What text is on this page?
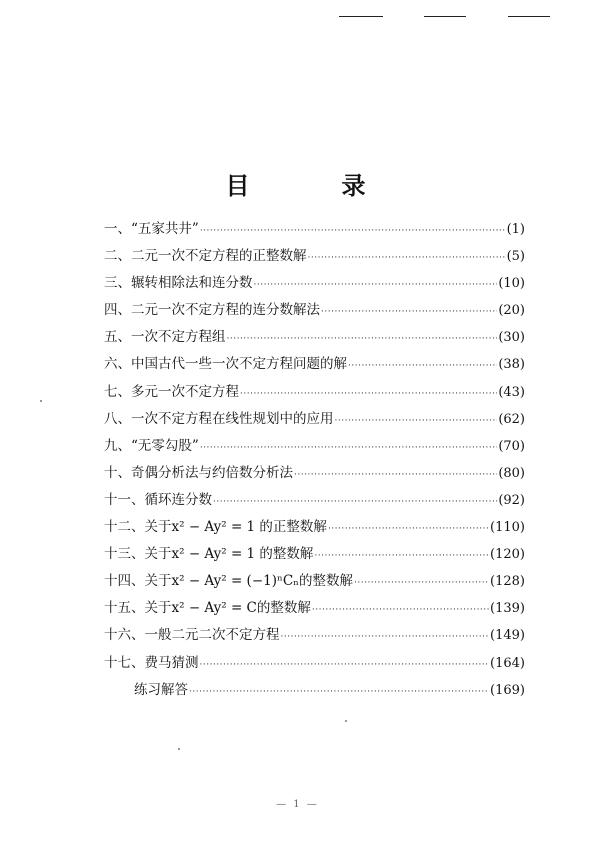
目　录
一、“五家共井” ·····	(1)
二、二元一次不定方程的正整数解 ·····	(5)
三、辗转相除法和连分数 ·····	(10)
四、二元一次不定方程的连分数解法 ·····	(20)
五、一次不定方程组 ·····	(30)
六、中国古代一些一次不定方程问题的解 ·····	(38)
七、多元一次不定方程 ·····	(43)
八、一次不定方程在线性规划中的应用 ·····	(62)
九、“无零勾股” ·····	(70)
十、奇偶分析法与约倍数分析法 ·····	(80)
十一、循环连分数 ·····	(92)
十二、关于x² − Ay² = 1 的正整数解 ·····	(110)
十三、关于x² − Ay² = 1 的整数解 ·····	(120)
十四、关于x² − Ay² = (−1)ⁿCₙ的整数解 ·····	(128)
十五、关于x² − Ay² = C的整数解 ·····	(139)
十六、一般二元二次不定方程 ·····	(149)
十七、费马猜测 ·····	(164)
练习解答 ·····	(169)
— 1 —
